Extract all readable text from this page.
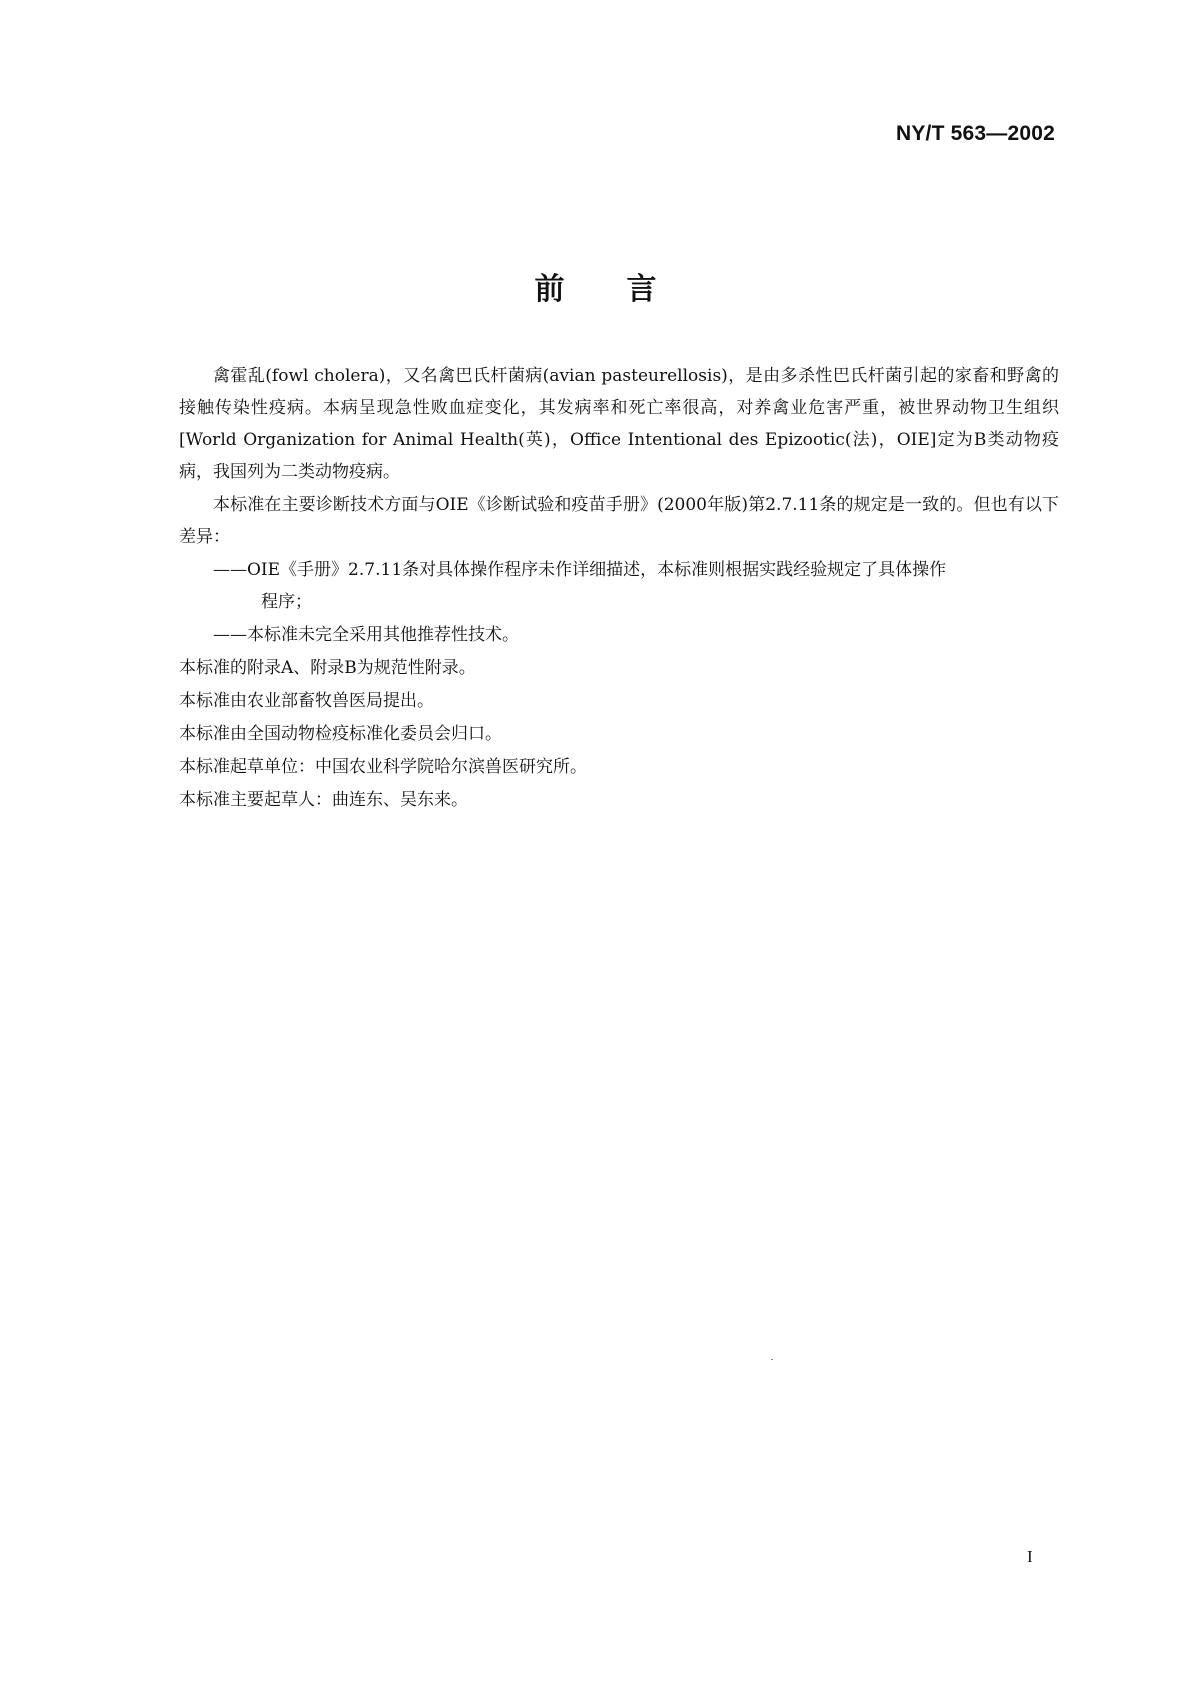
NY/T 563—2002
前言

禽霍乱(fowl cholera)，又名禽巴氏杆菌病(avian pasteurellosis)，是由多杀性巴氏杆菌引起的家畜和野禽的接触传染性疫病。本病呈现急性败血症变化，其发病率和死亡率很高，对养禽业危害严重，被世界动物卫生组织[World Organization for Animal Health(英)，Office Intentional des Epizootic(法)，OIE]定为B类动物疫病，我国列为二类动物疫病。

本标准在主要诊断技术方面与OIE《诊断试验和疫苗手册》(2000年版)第2.7.11条的规定是一致的。但也有以下差异：

——OIE《手册》2.7.11条对具体操作程序未作详细描述，本标准则根据实践经验规定了具体操作
程序；

——本标准未完全采用其他推荐性技术。

本标准的附录A、附录B为规范性附录。

本标准由农业部畜牧兽医局提出。

本标准由全国动物检疫标准化委员会归口。

本标准起草单位：中国农业科学院哈尔滨兽医研究所。

本标准主要起草人：曲连东、吴东来。

I
